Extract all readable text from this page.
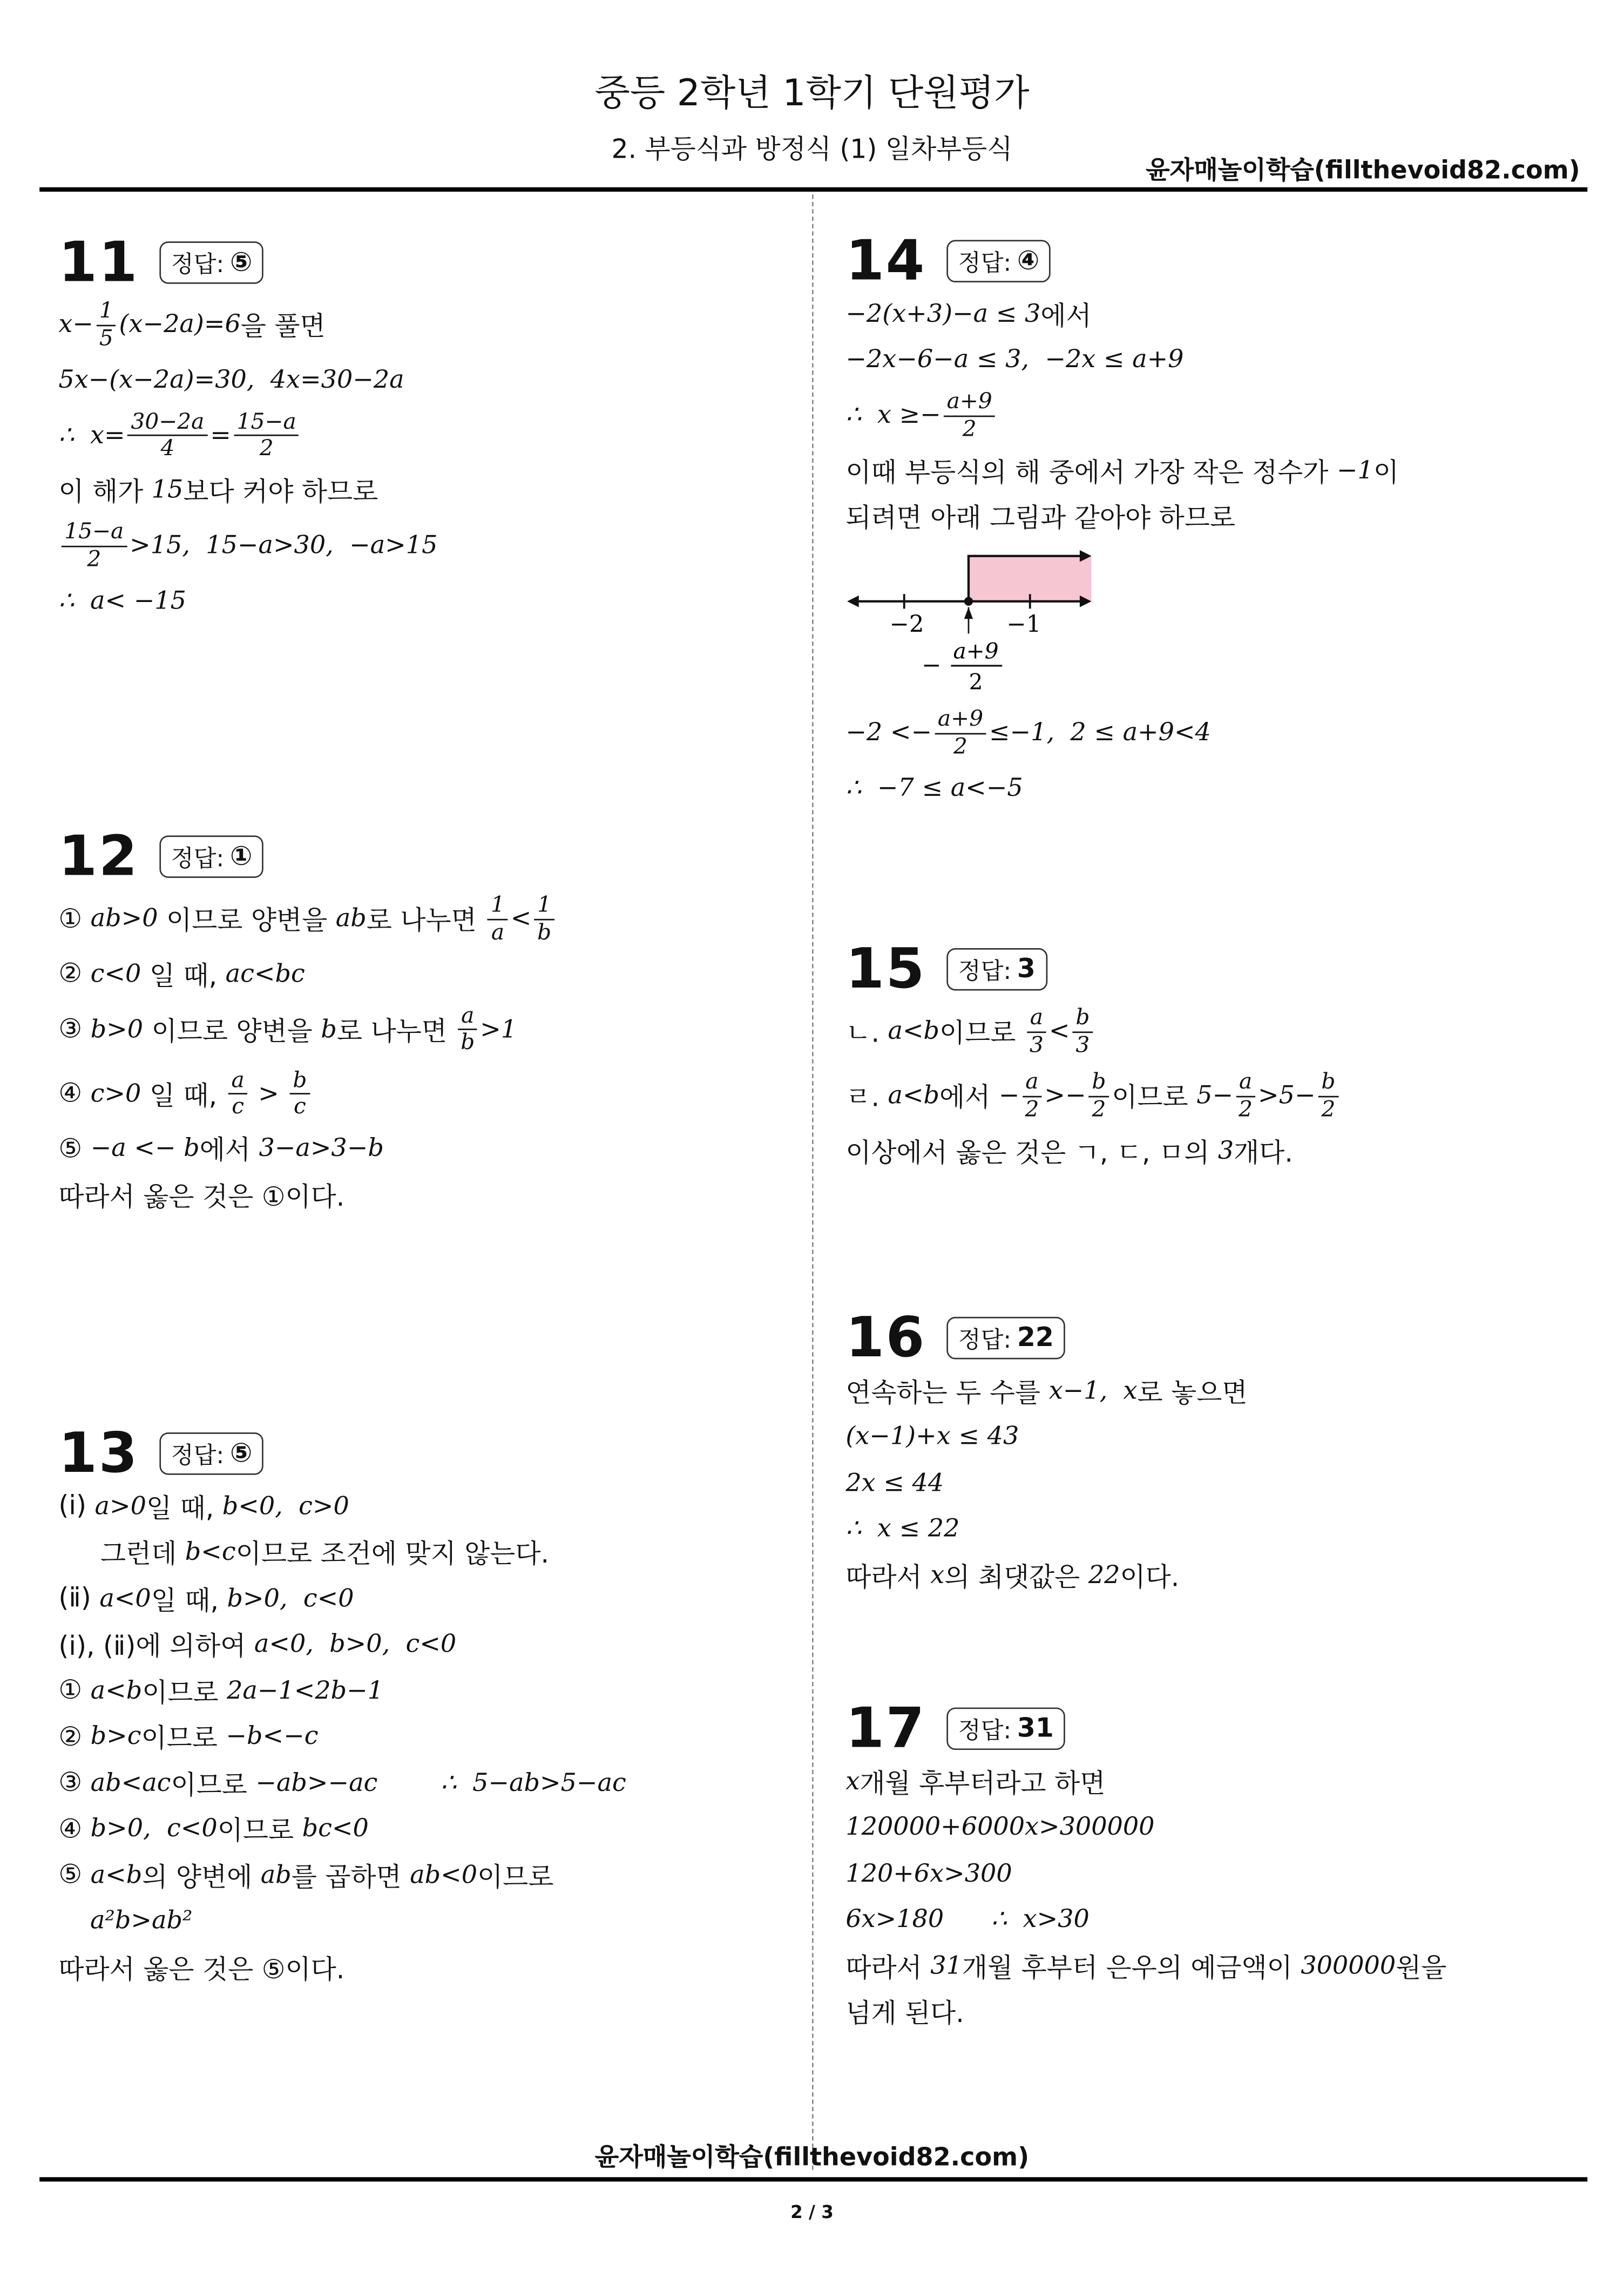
중등 2학년 1학기 단원평가
2. 부등식과 방정식 (1) 일차부등식
윤자매놀이학습(fillthevoid82.com)
11	정답: ⑤
$x- \frac{1}{5} (x-2a)=6$ 을 풀면
5x−(x−2a)=30,  4x=30−2a
∴  $x= \frac{30-2a}{4} = \frac{15-a}{2}$
이 해가 15 보다 커야 하므로
$\frac{15-a}{2} >15$,  15−a>30,  −a>15
∴  a< −15
12	정답: ①
① ab>0 이므로 양변을 ab 로 나누면 $\frac{1}{a} < \frac{1}{b}$
② c<0 일 때, ac<bc
③ b>0 이므로 양변을 b 로 나누면 $\frac{a}{b} >1$
④ c>0 일 때, $\frac{a}{c} > \frac{b}{c}$
⑤ −a <− b 에서 3−a>3−b
따라서 옳은 것은 ①이다.
13	정답: ⑤
(ⅰ) a>0 일 때, b<0,  c>0
그런데 b<c 이므로 조건에 맞지 않는다.
(ⅱ) a<0 일 때, b>0,  c<0
(ⅰ), (ⅱ)에 의하여 a<0,  b>0,  c<0
① a<b 이므로 2a−1<2b−1
② b>c 이므로 −b<−c
③ ab<ac 이므로 −ab>−ac        ∴  5−ab>5−ac
④ b>0,  c<0 이므로 bc<0
⑤ a<b 의 양변에 ab 를 곱하면 ab<0 이므로
a²b>ab²
따라서 옳은 것은 ⑤이다.
14	정답: ④
−2(x+3)−a ≤ 3 에서
−2x−6−a ≤ 3,  −2x ≤ a+9
∴  $x \ge- \frac{a+9}{2}$
이때 부등식의 해 중에서 가장 작은 정수가 −1 이
되려면 아래 그림과 같아야 하므로
−2	−1
−
a+9
2
$-2 <- \frac{a+9}{2} \le-1$,  2 ≤ a+9<4
∴  −7 ≤ a<−5
15	정답: 3
ㄴ. a<b 이므로 $\frac{a}{3} < \frac{b}{3}$
ㄹ. a<b 에서 − $\frac{a}{2} >- \frac{b}{2}$ 이므로 $5- \frac{a}{2} >5- \frac{b}{2}$
이상에서 옳은 것은 ㄱ, ㄷ, ㅁ의 3 개다.
16	정답: 22
연속하는 두 수를 x−1,  x 로 놓으면
(x−1)+x ≤ 43
2x ≤ 44
∴  x ≤ 22
따라서 x 의 최댓값은 22 이다.
17	정답: 31
x 개월 후부터라고 하면
120000+6000x>300000
120+6x>300
6x>180      ∴  x>30
따라서 31 개월 후부터 은우의 예금액이 300000 원을
넘게 된다.
윤자매놀이학습(fillthevoid82.com)
2 / 3
